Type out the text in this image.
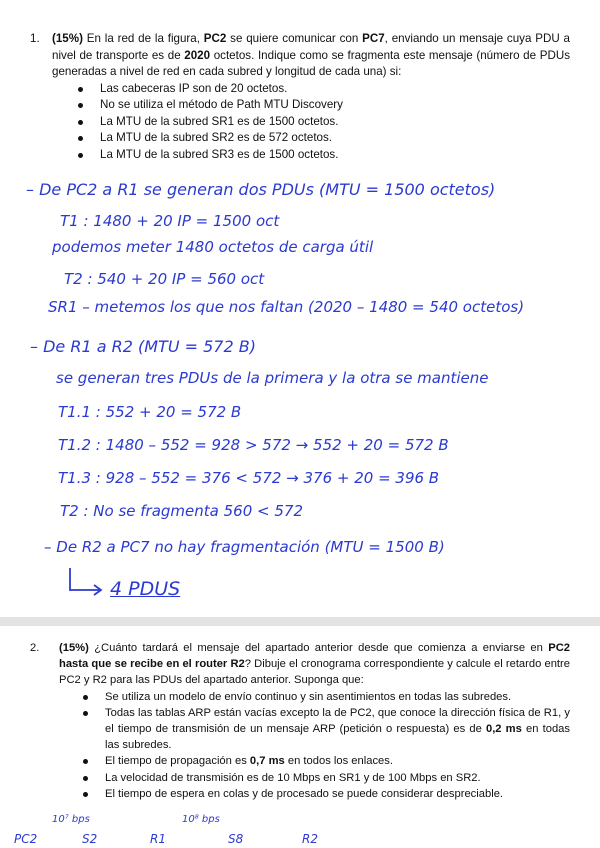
1. (15%) En la red de la figura, PC2 se quiere comunicar con PC7, enviando un mensaje cuya PDU a nivel de transporte es de 2020 octetos. Indique como se fragmenta este mensaje (número de PDUs generadas a nivel de red en cada subred y longitud de cada una) si:
Las cabeceras IP son de 20 octetos.
No se utiliza el método de Path MTU Discovery
La MTU de la subred SR1 es de 1500 octetos.
La MTU de la subred SR2 es de 572 octetos.
La MTU de la subred SR3 es de 1500 octetos.
– De PC2 a R1 se generan dos PDUs (MTU = 1500 octetos)
T1 : 1480 + 20 IP = 1500 oct
podemos meter 1480 octetos de carga útil
T2 : 540 + 20 IP = 560 oct
SR1 – metemos los que nos faltan (2020 – 1480 = 540 octetos)
– De R1 a R2 (MTU = 572 B)
se generan tres PDUs de la primera y la otra se mantiene
T1.1 : 552 + 20 = 572 B
T1.2 : 1480 – 552 = 928 > 572 → 552 + 20 = 572 B
T1.3 : 928 – 552 = 376 < 572 → 376 + 20 = 396 B
T2 : No se fragmenta 560 < 572
– De R2 a PC7 no hay fragmentación (MTU = 1500 B)
4 PDUS
2. (15%) ¿Cuánto tardará el mensaje del apartado anterior desde que comienza a enviarse en PC2 hasta que se recibe en el router R2? Dibuje el cronograma correspondiente y calcule el retardo entre PC2 y R2 para las PDUs del apartado anterior. Suponga que:
Se utiliza un modelo de envío continuo y sin asentimientos en todas las subredes.
Todas las tablas ARP están vacías excepto la de PC2, que conoce la dirección física de R1, y el tiempo de transmisión de un mensaje ARP (petición o respuesta) es de 0,2 ms en todas las subredes.
El tiempo de propagación es 0,7 ms en todos los enlaces.
La velocidad de transmisión es de 10 Mbps en SR1 y de 100 Mbps en SR2.
El tiempo de espera en colas y de procesado se puede considerar despreciable.
10⁷ bps	10⁸ bps
PC2	S2	R1	S8	R2
